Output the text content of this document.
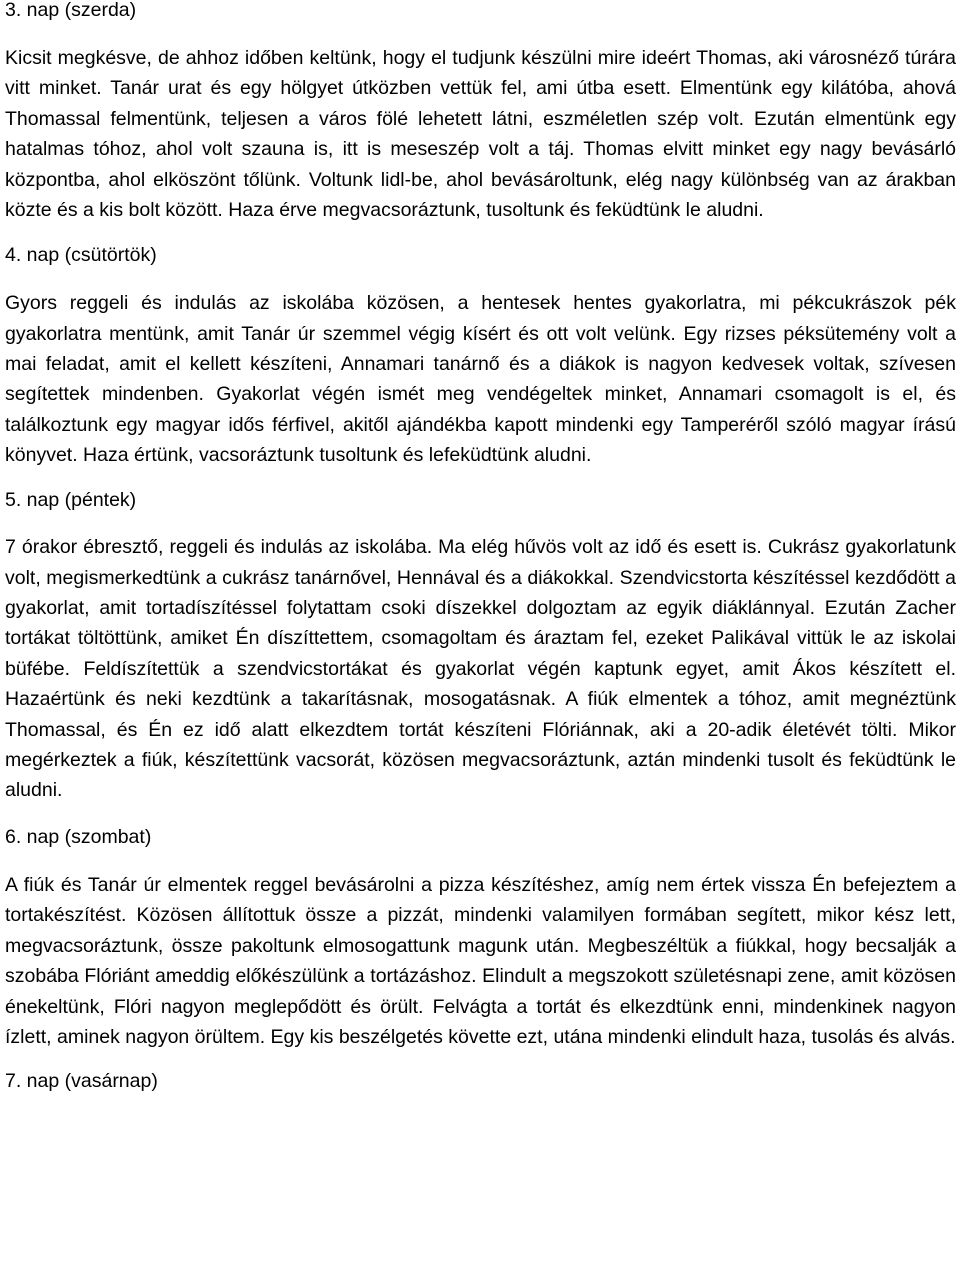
3. nap (szerda)

Kicsit megkésve, de ahhoz időben keltünk, hogy el tudjunk készülni mire ideért Thomas, aki városnéző túrára vitt minket. Tanár urat és egy hölgyet útközben vettük fel, ami útba esett. Elmentünk egy kilátóba, ahová Thomassal felmentünk, teljesen a város fölé lehetett látni, eszméletlen szép volt. Ezután elmentünk egy hatalmas tóhoz, ahol volt szauna is, itt is meseszép volt a táj. Thomas elvitt minket egy nagy bevásárló központba, ahol elköszönt tőlünk. Voltunk lidl-be, ahol bevásároltunk, elég nagy különbség van az árakban közte és a kis bolt között. Haza érve megvacsoráztunk, tusoltunk és feküdtünk le aludni.

4. nap (csütörtök)

Gyors reggeli és indulás az iskolába közösen, a hentesek hentes gyakorlatra, mi pékcukrászok pék gyakorlatra mentünk, amit Tanár úr szemmel végig kísért és ott volt velünk. Egy rizses péksütemény volt a mai feladat, amit el kellett készíteni, Annamari tanárnő és a diákok is nagyon kedvesek voltak, szívesen segítettek mindenben. Gyakorlat végén ismét meg vendégeltek minket, Annamari csomagolt is el, és találkoztunk egy magyar idős férfivel, akitől ajándékba kapott mindenki egy Tamperéről szóló magyar írású könyvet. Haza értünk, vacsoráztunk tusoltunk és lefeküdtünk aludni.

5. nap (péntek)

7 órakor ébresztő, reggeli és indulás az iskolába. Ma elég hűvös volt az idő és esett is. Cukrász gyakorlatunk volt, megismerkedtünk a cukrász tanárnővel, Hennával és a diákokkal. Szendvicstorta készítéssel kezdődött a gyakorlat, amit tortadíszítéssel folytattam csoki díszekkel dolgoztam az egyik diáklánnyal. Ezután Zacher tortákat töltöttünk, amiket Én díszíttettem, csomagoltam és áraztam fel, ezeket Palikával vittük le az iskolai büfébe. Feldíszítettük a szendvicstortákat és gyakorlat végén kaptunk egyet, amit Ákos készített el. Hazaértünk és neki kezdtünk a takarításnak, mosogatásnak. A fiúk elmentek a tóhoz, amit megnéztünk Thomassal, és Én ez idő alatt elkezdtem tortát készíteni Flóriánnak, aki a 20-adik életévét tölti. Mikor megérkeztek a fiúk, készítettünk vacsorát, közösen megvacsoráztunk, aztán mindenki tusolt és feküdtünk le aludni.

6. nap (szombat)

A fiúk és Tanár úr elmentek reggel bevásárolni a pizza készítéshez, amíg nem értek vissza Én befejeztem a tortakészítést. Közösen állítottuk össze a pizzát, mindenki valamilyen formában segített, mikor kész lett, megvacsoráztunk, össze pakoltunk elmosogattunk magunk után. Megbeszéltük a fiúkkal, hogy becsalják a szobába Flóriánt ameddig előkészülünk a tortázáshoz. Elindult a megszokott születésnapi zene, amit közösen énekeltünk, Flóri nagyon meglepődött és örült. Felvágta a tortát és elkezdtünk enni, mindenkinek nagyon ízlett, aminek nagyon örültem. Egy kis beszélgetés követte ezt, utána mindenki elindult haza, tusolás és alvás.

7. nap (vasárnap)
